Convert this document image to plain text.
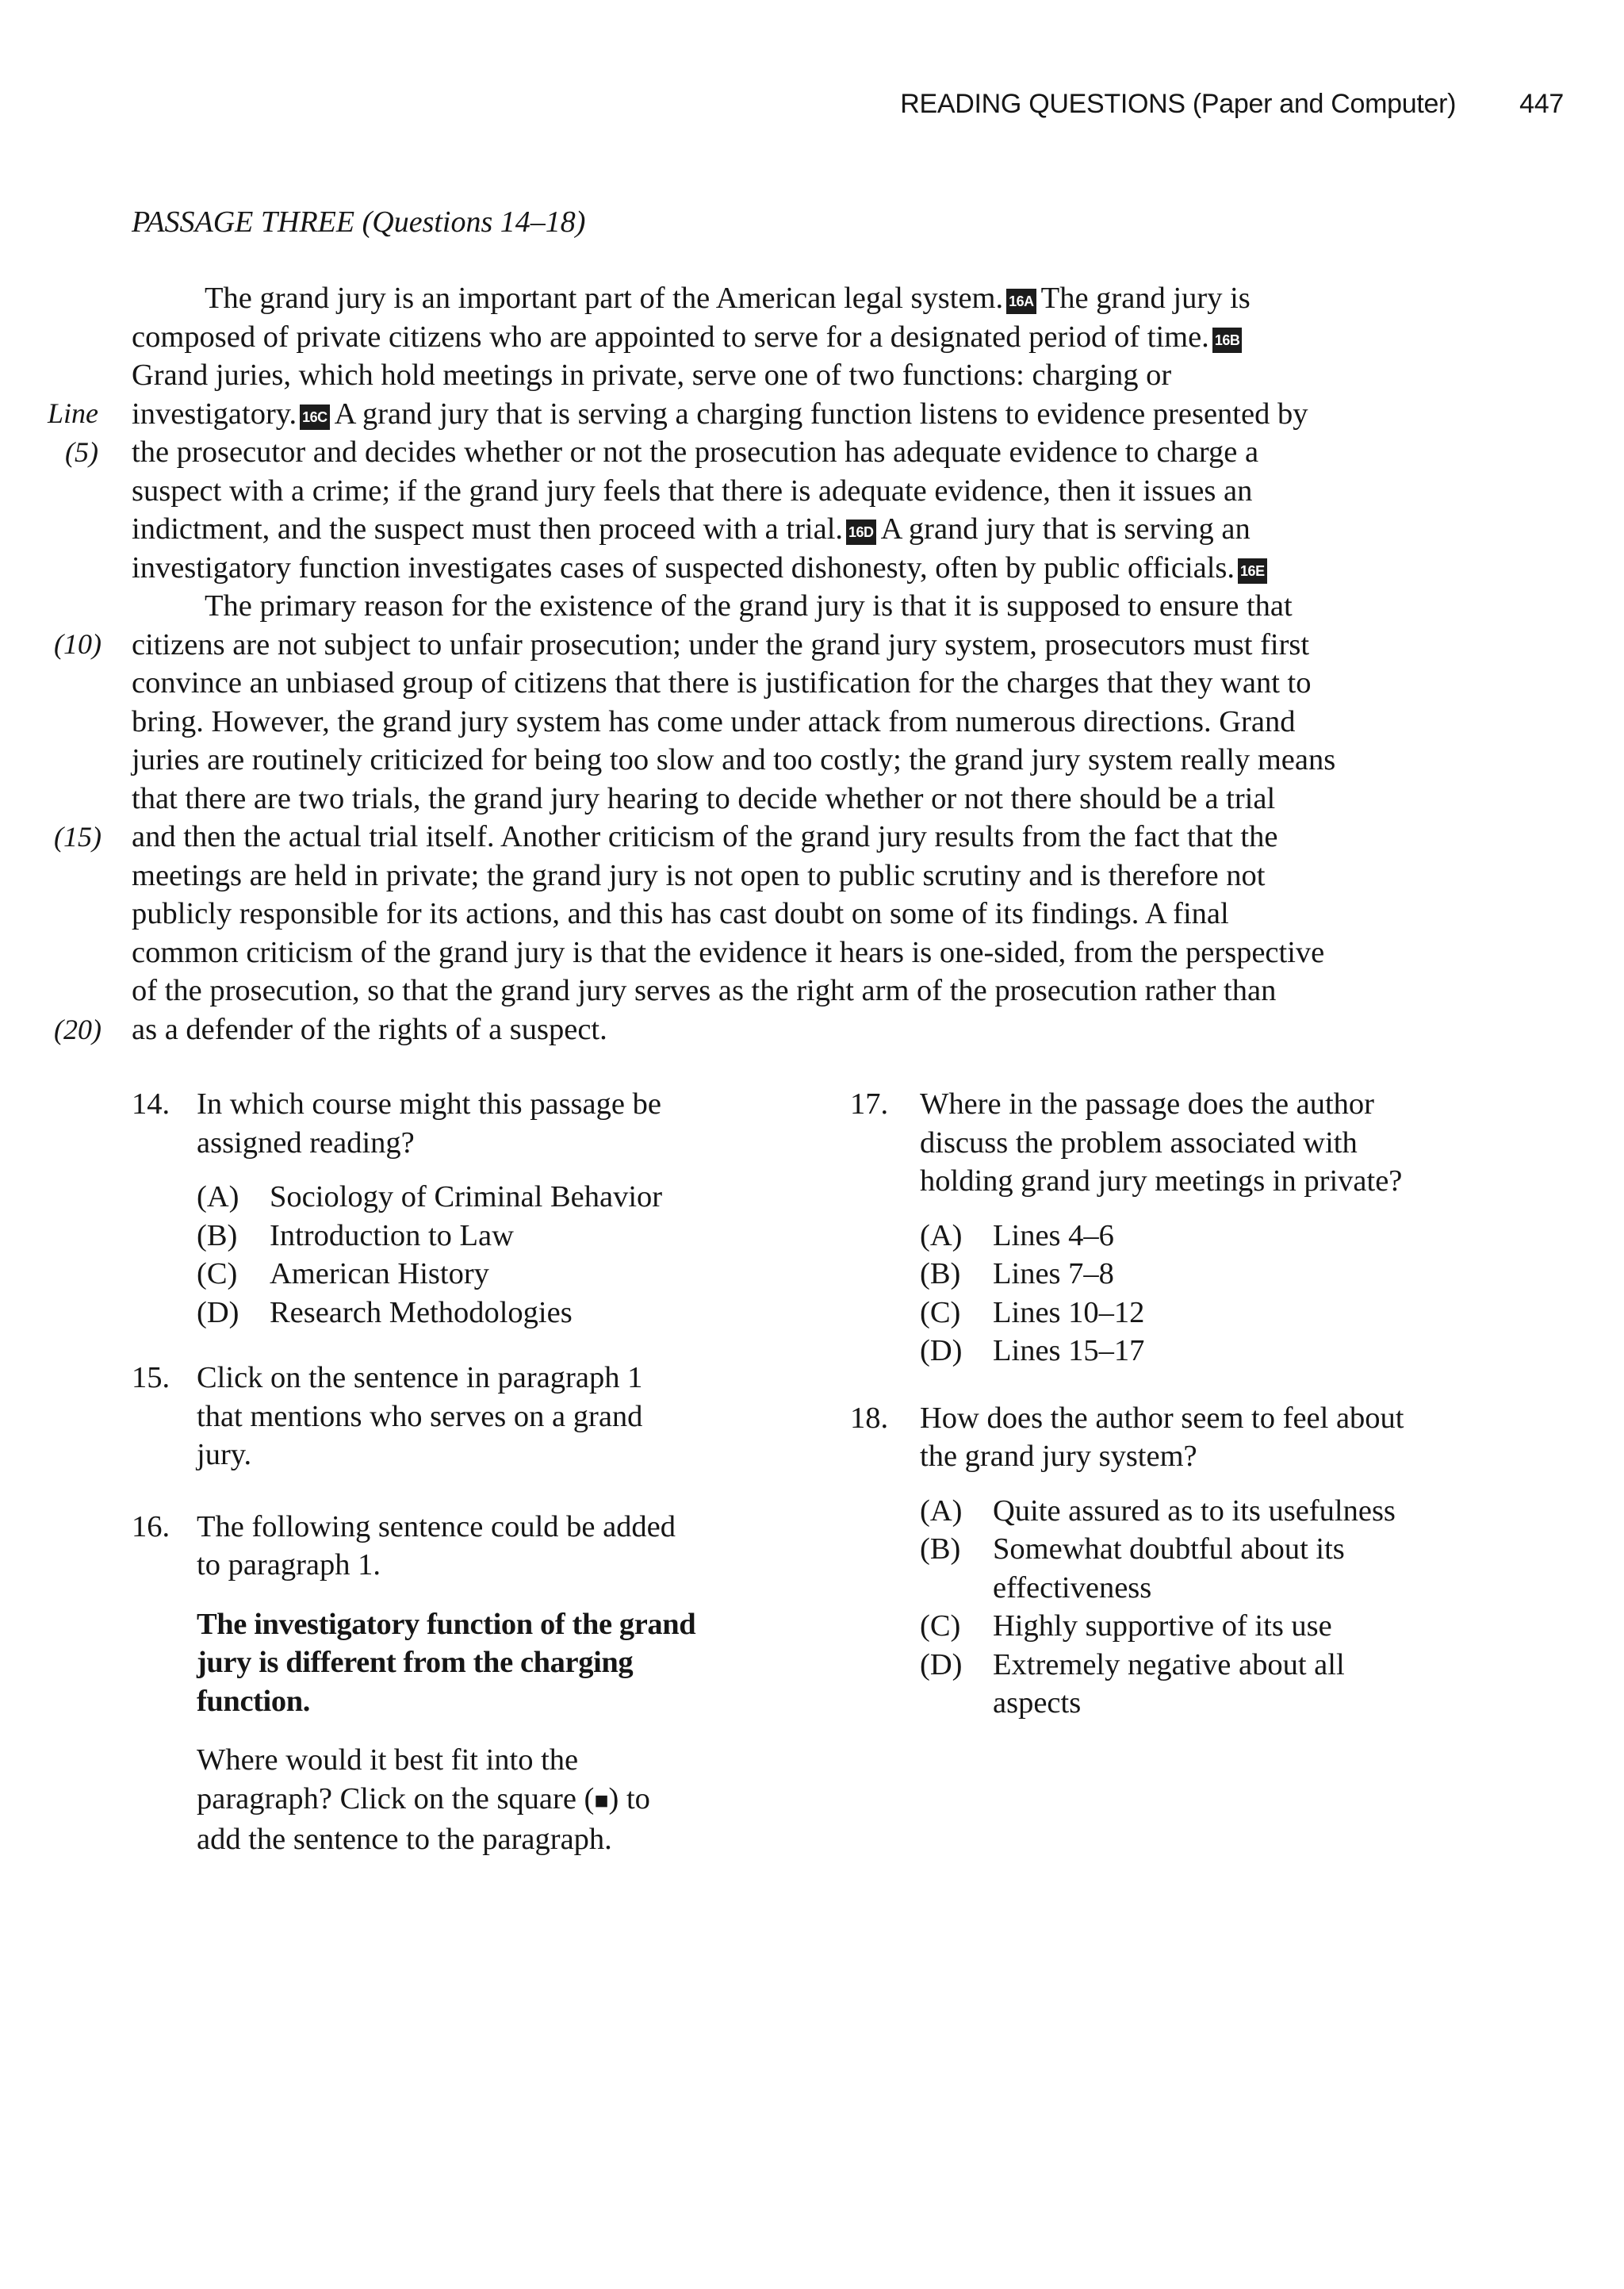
READING QUESTIONS (Paper and Computer) 447
PASSAGE THREE (Questions 14–18)
Line
(5)
(10)
(15)
(20)
The grand jury is an important part of the American legal system. 16A The grand jury is
composed of private citizens who are appointed to serve for a designated period of time. 16B
Grand juries, which hold meetings in private, serve one of two functions: charging or
investigatory. 16C A grand jury that is serving a charging function listens to evidence presented by
the prosecutor and decides whether or not the prosecution has adequate evidence to charge a
suspect with a crime; if the grand jury feels that there is adequate evidence, then it issues an
indictment, and the suspect must then proceed with a trial. 16D A grand jury that is serving an
investigatory function investigates cases of suspected dishonesty, often by public officials. 16E
The primary reason for the existence of the grand jury is that it is supposed to ensure that
citizens are not subject to unfair prosecution; under the grand jury system, prosecutors must first
convince an unbiased group of citizens that there is justification for the charges that they want to
bring. However, the grand jury system has come under attack from numerous directions. Grand
juries are routinely criticized for being too slow and too costly; the grand jury system really means
that there are two trials, the grand jury hearing to decide whether or not there should be a trial
and then the actual trial itself. Another criticism of the grand jury results from the fact that the
meetings are held in private; the grand jury is not open to public scrutiny and is therefore not
publicly responsible for its actions, and this has cast doubt on some of its findings. A final
common criticism of the grand jury is that the evidence it hears is one-sided, from the perspective
of the prosecution, so that the grand jury serves as the right arm of the prosecution rather than
as a defender of the rights of a suspect.
14. In which course might this passage be
assigned reading?
(A)	Sociology of Criminal Behavior
(B)	Introduction to Law
(C)	American History
(D)	Research Methodologies
15. Click on the sentence in paragraph 1
that mentions who serves on a grand
jury.
16. The following sentence could be added
to paragraph 1.
The investigatory function of the grand
jury is different from the charging
function.
Where would it best fit into the
paragraph? Click on the square (■) to
add the sentence to the paragraph.
17. Where in the passage does the author
discuss the problem associated with
holding grand jury meetings in private?
(A)	Lines 4–6
(B)	Lines 7–8
(C)	Lines 10–12
(D)	Lines 15–17
18. How does the author seem to feel about
the grand jury system?
(A)	Quite assured as to its usefulness
(B)	Somewhat doubtful about its
effectiveness
(C)	Highly supportive of its use
(D)	Extremely negative about all
aspects
